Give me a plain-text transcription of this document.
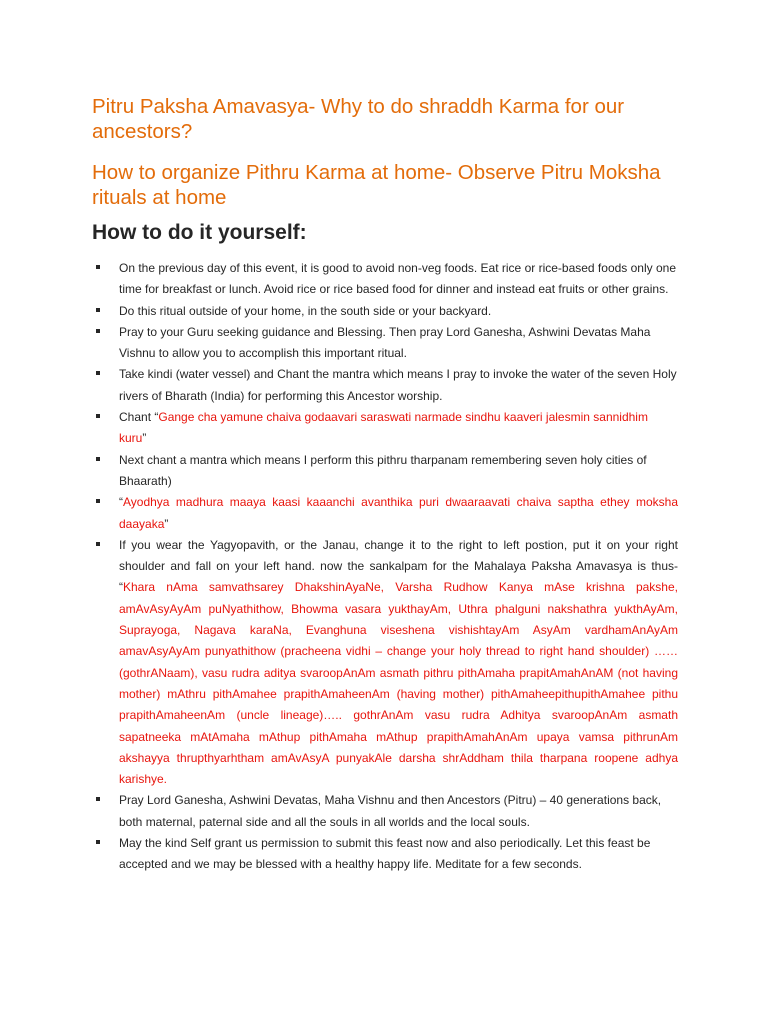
Pitru Paksha Amavasya- Why to do shraddh Karma for our ancestors?
How to organize Pithru Karma at home- Observe Pitru Moksha rituals at home
How to do it yourself:
On the previous day of this event, it is good to avoid non-veg foods. Eat rice or rice-based foods only one time for breakfast or lunch. Avoid rice or rice based food for dinner and instead eat fruits or other grains.
Do this ritual outside of your home, in the south side or your backyard.
Pray to your Guru seeking guidance and Blessing. Then pray Lord Ganesha, Ashwini Devatas Maha Vishnu to allow you to accomplish this important ritual.
Take kindi (water vessel) and Chant the mantra which means I pray to invoke the water of the seven Holy rivers of Bharath (India) for performing this Ancestor worship.
Chant “Gange cha yamune chaiva godaavari saraswati narmade sindhu kaaveri jalesmin sannidhim kuru”
Next chant a mantra which means I perform this pithru tharpanam remembering seven holy cities of Bhaarath)
“Ayodhya madhura maaya kaasi kaaanchi avanthika puri dwaaraavati chaiva saptha ethey moksha daayaka”
If you wear the Yagyopavith, or the Janau, change it to the right to left postion, put it on your right shoulder and fall on your left hand. now the sankalpam for the Mahalaya Paksha Amavasya is thus- “Khara nAma samvathsarey DhakshinAyaNe, Varsha Rudhow Kanya mAse krishna pakshe, amAvAsyAyAm puNyathithow, Bhowma vasara yukthayAm, Uthra phalguni nakshathra yukthAyAm, Suprayoga, Nagava karaNa, Evanghuna viseshena vishishtayAm AsyAm vardhamAnAyAm amavAsyAyAm punyathithow (pracheena vidhi – change your holy thread to right hand shoulder) ……(gothrANaam), vasu rudra aditya svaroopAnAm asmath pithru pithAmaha prapitAmahAnAM (not having mother) mAthru pithAmahee prapithAmaheenAm (having mother) pithAmaheepithupithAmahee pithu prapithAmaheenAm (uncle lineage)….. gothrAnAm vasu rudra Adhitya svaroopAnAm asmath sapatneeka mAtAmaha mAthup pithAmaha mAthup prapithAmahAnAm upaya vamsa pithrunAm akshayya thrupthyarhtham amAvAsyA punyakAle darsha shrAddham thila tharpana roopene adhya karishye.
Pray Lord Ganesha, Ashwini Devatas, Maha Vishnu and then Ancestors (Pitru) – 40 generations back, both maternal, paternal side and all the souls in all worlds and the local souls.
May the kind Self grant us permission to submit this feast now and also periodically. Let this feast be accepted and we may be blessed with a healthy happy life. Meditate for a few seconds.
